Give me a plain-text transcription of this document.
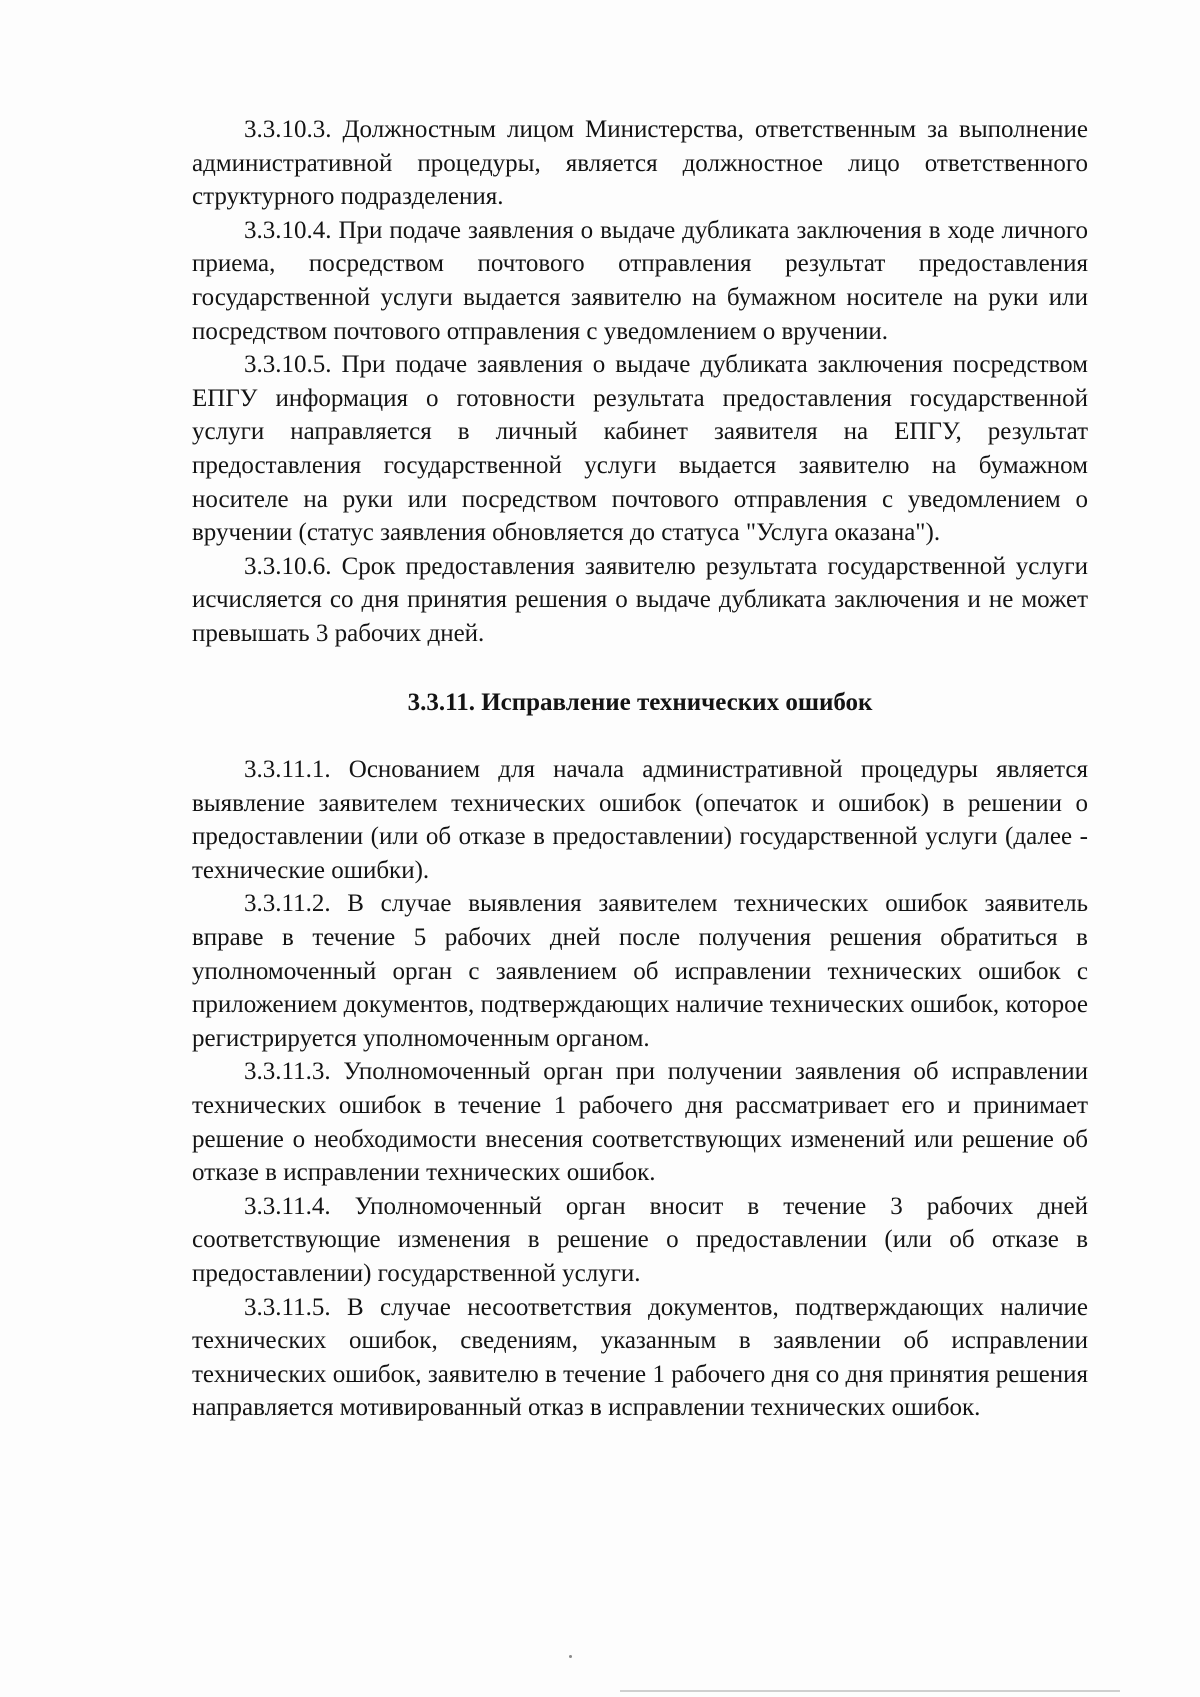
3.3.10.3. Должностным лицом Министерства, ответственным за выполнение административной процедуры, является должностное лицо ответственного структурного подразделения.

3.3.10.4. При подаче заявления о выдаче дубликата заключения в ходе личного приема, посредством почтового отправления результат предоставления государственной услуги выдается заявителю на бумажном носителе на руки или посредством почтового отправления с уведомлением о вручении.

3.3.10.5. При подаче заявления о выдаче дубликата заключения посредством ЕПГУ информация о готовности результата предоставления государственной услуги направляется в личный кабинет заявителя на ЕПГУ, результат предоставления государственной услуги выдается заявителю на бумажном носителе на руки или посредством почтового отправления с уведомлением о вручении (статус заявления обновляется до статуса "Услуга оказана").

3.3.10.6. Срок предоставления заявителю результата государственной услуги исчисляется со дня принятия решения о выдаче дубликата заключения и не может превышать 3 рабочих дней.

3.3.11. Исправление технических ошибок

3.3.11.1. Основанием для начала административной процедуры является выявление заявителем технических ошибок (опечаток и ошибок) в решении о предоставлении (или об отказе в предоставлении) государственной услуги (далее - технические ошибки).

3.3.11.2. В случае выявления заявителем технических ошибок заявитель вправе в течение 5 рабочих дней после получения решения обратиться в уполномоченный орган с заявлением об исправлении технических ошибок с приложением документов, подтверждающих наличие технических ошибок, которое регистрируется уполномоченным органом.

3.3.11.3. Уполномоченный орган при получении заявления об исправлении технических ошибок в течение 1 рабочего дня рассматривает его и принимает решение о необходимости внесения соответствующих изменений или решение об отказе в исправлении технических ошибок.

3.3.11.4. Уполномоченный орган вносит в течение 3 рабочих дней соответствующие изменения в решение о предоставлении (или об отказе в предоставлении) государственной услуги.

3.3.11.5. В случае несоответствия документов, подтверждающих наличие технических ошибок, сведениям, указанным в заявлении об исправлении технических ошибок, заявителю в течение 1 рабочего дня со дня принятия решения направляется мотивированный отказ в исправлении технических ошибок.
